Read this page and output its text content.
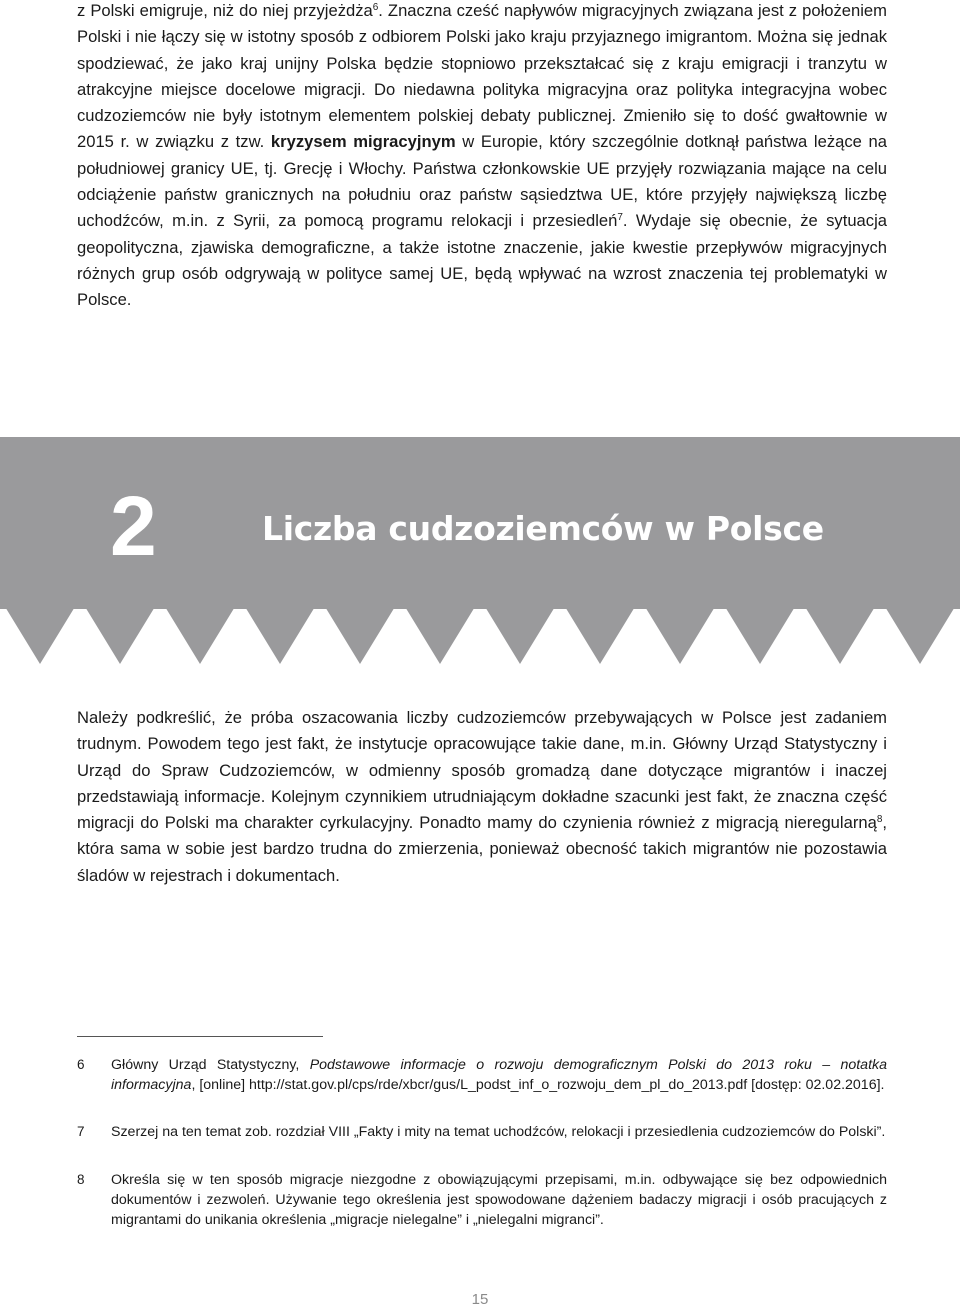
z Polski emigruje, niż do niej przyjeżdża$^6$. Znaczna cześć napływów migracyjnych związana jest z położeniem Polski i nie łączy się w istotny sposób z odbiorem Polski jako kraju przyjaznego imigrantom. Można się jednak spodziewać, że jako kraj unijny Polska będzie stopniowo przekształcać się z kraju emigracji i tranzytu w atrakcyjne miejsce docelowe migracji. Do niedawna polityka migracyjna oraz polityka integracyjna wobec cudzoziemców nie były istotnym elementem polskiej debaty publicznej. Zmieniło się to dość gwałtownie w 2015 r. w związku z tzw. kryzysem migracyjnym w Europie, który szczególnie dotknął państwa leżące na południowej granicy UE, tj. Grecję i Włochy. Państwa członkowskie UE przyjęły rozwiązania mające na celu odciążenie państw granicznych na południu oraz państw sąsiedztwa UE, które przyjęły największą liczbę uchodźców, m.in. z Syrii, za pomocą programu relokacji i przesiedleń$^7$. Wydaje się obecnie, że sytuacja geopolityczna, zjawiska demograficzne, a także istotne znaczenie, jakie kwestie przepływów migracyjnych różnych grup osób odgrywają w polityce samej UE, będą wpływać na wzrost znaczenia tej problematyki w Polsce.

2	Liczba cudzoziemców w Polsce

Należy podkreślić, że próba oszacowania liczby cudzoziemców przebywających w Polsce jest zadaniem trudnym. Powodem tego jest fakt, że instytucje opracowujące takie dane, m.in. Główny Urząd Statystyczny i Urząd do Spraw Cudzoziemców, w odmienny sposób gromadzą dane dotyczące migrantów i inaczej przedstawiają informacje. Kolejnym czynnikiem utrudniającym dokładne szacunki jest fakt, że znaczna część migracji do Polski ma charakter cyrkulacyjny. Ponadto mamy do czynienia również z migracją nieregularną$^8$, która sama w sobie jest bardzo trudna do zmierzenia, ponieważ obecność takich migrantów nie pozostawia śladów w rejestrach i dokumentach.

6 Główny Urząd Statystyczny, Podstawowe informacje o rozwoju demograficznym Polski do 2013 roku – notatka informacyjna, [online] http://stat.gov.pl/cps/rde/xbcr/gus/L_podst_inf_o_rozwoju_dem_pl_do_2013.pdf [dostęp: 02.02.2016].
7 Szerzej na ten temat zob. rozdział VIII „Fakty i mity na temat uchodźców, relokacji i przesiedlenia cudzoziemców do Polski”.
8 Określa się w ten sposób migracje niezgodne z obowiązującymi przepisami, m.in. odbywające się bez odpowiednich dokumentów i zezwoleń. Używanie tego określenia jest spowodowane dążeniem badaczy migracji i osób pracujących z migrantami do unikania określenia „migracje nielegalne” i „nielegalni migranci”.
15
